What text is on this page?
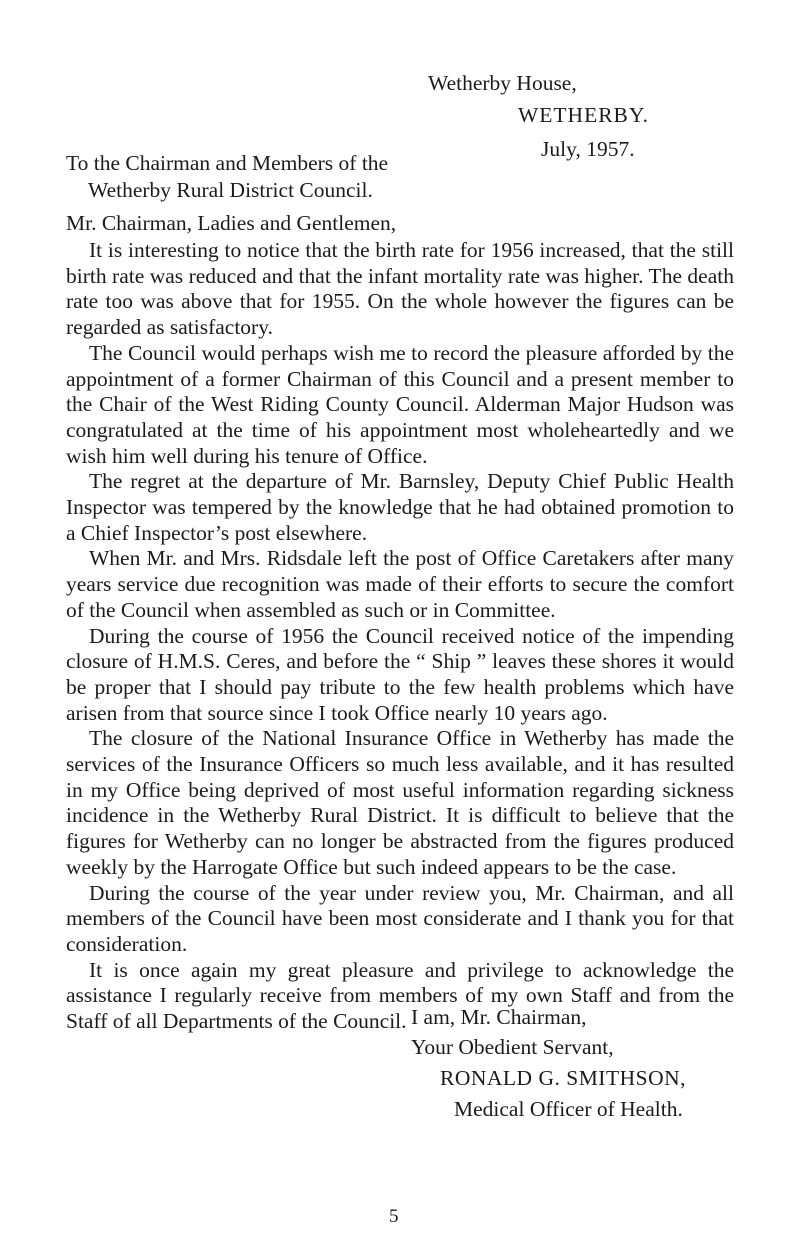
Wetherby House,
WETHERBY.
July, 1957.
To the Chairman and Members of the
Wetherby Rural District Council.
Mr. Chairman, Ladies and Gentlemen,

It is interesting to notice that the birth rate for 1956 increased, that the still birth rate was reduced and that the infant mortality rate was higher. The death rate too was above that for 1955. On the whole however the figures can be regarded as satisfactory.

The Council would perhaps wish me to record the pleasure afforded by the appointment of a former Chairman of this Council and a present member to the Chair of the West Riding County Council. Alderman Major Hudson was congratulated at the time of his appointment most wholeheartedly and we wish him well during his tenure of Office.

The regret at the departure of Mr. Barnsley, Deputy Chief Public Health Inspector was tempered by the knowledge that he had obtained promotion to a Chief Inspector’s post elsewhere.

When Mr. and Mrs. Ridsdale left the post of Office Caretakers after many years service due recognition was made of their efforts to secure the comfort of the Council when assembled as such or in Committee.

During the course of 1956 the Council received notice of the impending closure of H.M.S. Ceres, and before the “ Ship ” leaves these shores it would be proper that I should pay tribute to the few health problems which have arisen from that source since I took Office nearly 10 years ago.

The closure of the National Insurance Office in Wetherby has made the services of the Insurance Officers so much less available, and it has resulted in my Office being deprived of most useful information regarding sickness incidence in the Wetherby Rural District. It is difficult to believe that the figures for Wetherby can no longer be abstracted from the figures produced weekly by the Harrogate Office but such indeed appears to be the case.

During the course of the year under review you, Mr. Chairman, and all members of the Council have been most considerate and I thank you for that consideration.

It is once again my great pleasure and privilege to acknowledge the assistance I regularly receive from members of my own Staff and from the Staff of all Departments of the Council. I am, Mr. Chairman,
Your Obedient Servant,
RONALD G. SMITHSON,
Medical Officer of Health.
5
